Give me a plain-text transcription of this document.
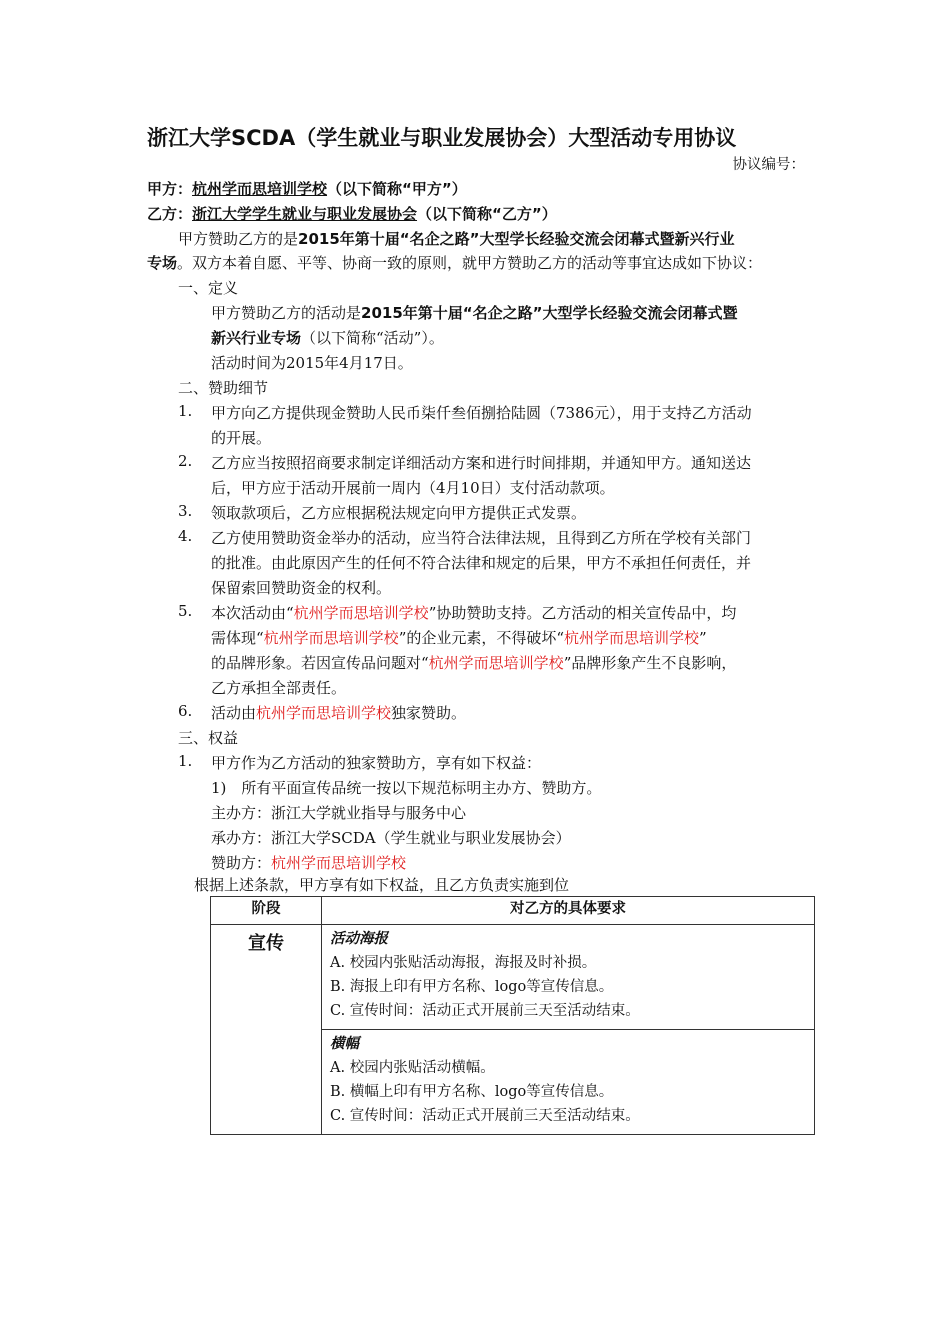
浙江大学SCDA（学生就业与职业发展协会）大型活动专用协议
协议编号：
甲方：杭州学而思培训学校（以下简称“甲方”）
乙方：浙江大学学生就业与职业发展协会（以下简称“乙方”）
甲方赞助乙方的是2015年第十届“名企之路”大型学长经验交流会闭幕式暨新兴行业
专场。双方本着自愿、平等、协商一致的原则，就甲方赞助乙方的活动等事宜达成如下协议：
一、定义
甲方赞助乙方的活动是2015年第十届“名企之路”大型学长经验交流会闭幕式暨
新兴行业专场（以下简称“活动”）。
活动时间为2015年4月17日。
二、赞助细节
1. 甲方向乙方提供现金赞助人民币柒仟叁佰捌拾陆圆（7386元），用于支持乙方活动
的开展。
2. 乙方应当按照招商要求制定详细活动方案和进行时间排期，并通知甲方。通知送达
后，甲方应于活动开展前一周内（4月10日）支付活动款项。
3. 领取款项后，乙方应根据税法规定向甲方提供正式发票。
4. 乙方使用赞助资金举办的活动，应当符合法律法规，且得到乙方所在学校有关部门
的批准。由此原因产生的任何不符合法律和规定的后果，甲方不承担任何责任，并
保留索回赞助资金的权利。
5. 本次活动由“杭州学而思培训学校”协助赞助支持。乙方活动的相关宣传品中，均
需体现“杭州学而思培训学校”的企业元素，不得破坏“杭州学而思培训学校”
的品牌形象。若因宣传品问题对“杭州学而思培训学校”品牌形象产生不良影响，
乙方承担全部责任。
6. 活动由杭州学而思培训学校独家赞助。
三、权益
1. 甲方作为乙方活动的独家赞助方，享有如下权益：
1)　所有平面宣传品统一按以下规范标明主办方、赞助方。
主办方：浙江大学就业指导与服务中心
承办方：浙江大学SCDA（学生就业与职业发展协会）
赞助方：杭州学而思培训学校
根据上述条款，甲方享有如下权益，且乙方负责实施到位
阶段	对乙方的具体要求
宣传	活动海报
A. 校园内张贴活动海报，海报及时补损。
B. 海报上印有甲方名称、logo等宣传信息。
C. 宣传时间：活动正式开展前三天至活动结束。

	横幅
A. 校园内张贴活动横幅。
B. 横幅上印有甲方名称、logo等宣传信息。
C. 宣传时间：活动正式开展前三天至活动结束。
